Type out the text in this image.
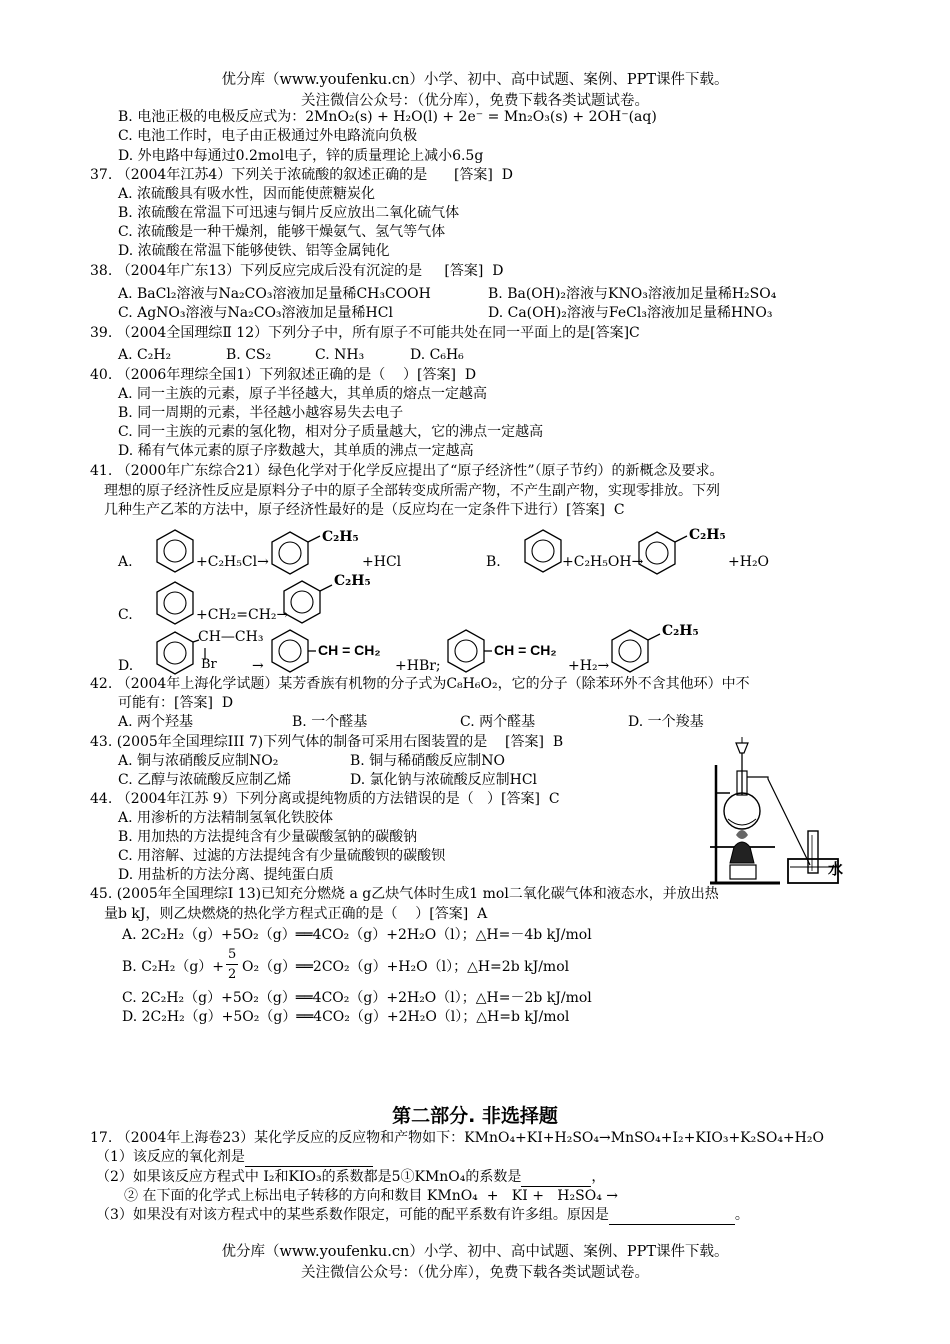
优分库（www.youfenku.cn）小学、初中、高中试题、案例、PPT课件下载。
关注微信公众号：（优分库），免费下载各类试题试卷。
B. 电池正极的电极反应式为：2MnO₂(s) + H₂O(l) + 2e⁻ = Mn₂O₃(s) + 2OH⁻(aq)
C. 电池工作时，电子由正极通过外电路流向负极
D. 外电路中每通过0.2mol电子，锌的质量理论上减小6.5g
37. （2004年江苏4）下列关于浓硫酸的叙述正确的是      [答案]  D
A. 浓硫酸具有吸水性，因而能使蔗糖炭化
B. 浓硫酸在常温下可迅速与铜片反应放出二氧化硫气体
C. 浓硫酸是一种干燥剂，能够干燥氨气、氢气等气体
D. 浓硫酸在常温下能够使铁、铝等金属钝化
38. （2004年广东13）下列反应完成后没有沉淀的是     [答案]  D
A. BaCl₂溶液与Na₂CO₃溶液加足量稀CH₃COOH	B. Ba(OH)₂溶液与KNO₃溶液加足量稀H₂SO₄
C. AgNO₃溶液与Na₂CO₃溶液加足量稀HCl	D. Ca(OH)₂溶液与FeCl₃溶液加足量稀HNO₃
39. （2004全国理综Ⅱ 12）下列分子中，所有原子不可能共处在同一平面上的是[答案]C
A. C₂H₂	B. CS₂	C. NH₃	D. C₆H₆
40. （2006年理综全国1）下列叙述正确的是（    ）[答案]  D
A. 同一主族的元素，原子半径越大，其单质的熔点一定越高
B. 同一周期的元素，半径越小越容易失去电子
C. 同一主族的元素的氢化物，相对分子质量越大，它的沸点一定越高
D. 稀有气体元素的原子序数越大，其单质的沸点一定越高
41. （2000年广东综合21）绿色化学对于化学反应提出了“原子经济性”（原子节约）的新概念及要求。
理想的原子经济性反应是原料分子中的原子全部转变成所需产物，不产生副产物，实现零排放。下列
几种生产乙苯的方法中，原子经济性最好的是（反应均在一定条件下进行）[答案]  C
A.	+C₂H₅Cl→
C₂H₅
+HCl	B.	+C₂H₅OH→
C₂H₅
+H₂O
C.	+CH₂=CH₂→
C₂H₅
D.
CH—CH₃
Br	→
CH = CH₂
+HBr;
CH = CH₂
+H₂→
C₂H₅
42. （2004年上海化学试题）某芳香族有机物的分子式为C₈H₆O₂，它的分子（除苯环外不含其他环）中不
可能有：[答案]  D
A. 两个羟基	B. 一个醛基	C. 两个醛基	D. 一个羧基
43. (2005年全国理综III 7)下列气体的制备可采用右图装置的是    [答案]  B
A. 铜与浓硝酸反应制NO₂	B. 铜与稀硝酸反应制NO
C. 乙醇与浓硫酸反应制乙烯	D. 氯化钠与浓硫酸反应制HCl
水
44. （2004年江苏 9）下列分离或提纯物质的方法错误的是（   ）[答案]  C
A. 用渗析的方法精制氢氧化铁胶体
B. 用加热的方法提纯含有少量碳酸氢钠的碳酸钠
C. 用溶解、过滤的方法提纯含有少量硫酸钡的碳酸钡
D. 用盐析的方法分离、提纯蛋白质
45. (2005年全国理综Ⅰ 13)已知充分燃烧 a g乙炔气体时生成1 mol二氧化碳气体和液态水，并放出热
量b kJ，则乙炔燃烧的热化学方程式正确的是（    ）[答案]  A
A. 2C₂H₂（g）+5O₂（g）══4CO₂（g）+2H₂O（l）；△H=－4b kJ/mol
B. C₂H₂（g）+
5
2 O₂（g）══2CO₂（g）+H₂O（l）；△H=2b kJ/mol
C. 2C₂H₂（g）+5O₂（g）══4CO₂（g）+2H₂O（l）；△H=－2b kJ/mol
D. 2C₂H₂（g）+5O₂（g）══4CO₂（g）+2H₂O（l）；△H=b kJ/mol
第二部分. 非选择题
17. （2004年上海卷23）某化学反应的反应物和产物如下：KMnO₄+KI+H₂SO₄→MnSO₄+I₂+KIO₃+K₂SO₄+H₂O
（1）该反应的氧化剂是
（2）如果该反应方程式中 I₂和KIO₃的系数都是5①KMnO₄的系数是	，
② 在下面的化学式上标出电子转移的方向和数目 KMnO₄  +   KI +   H₂SO₄ →
（3）如果没有对该方程式中的某些系数作限定，可能的配平系数有许多组。原因是	。
优分库（www.youfenku.cn）小学、初中、高中试题、案例、PPT课件下载。
关注微信公众号：（优分库），免费下载各类试题试卷。
